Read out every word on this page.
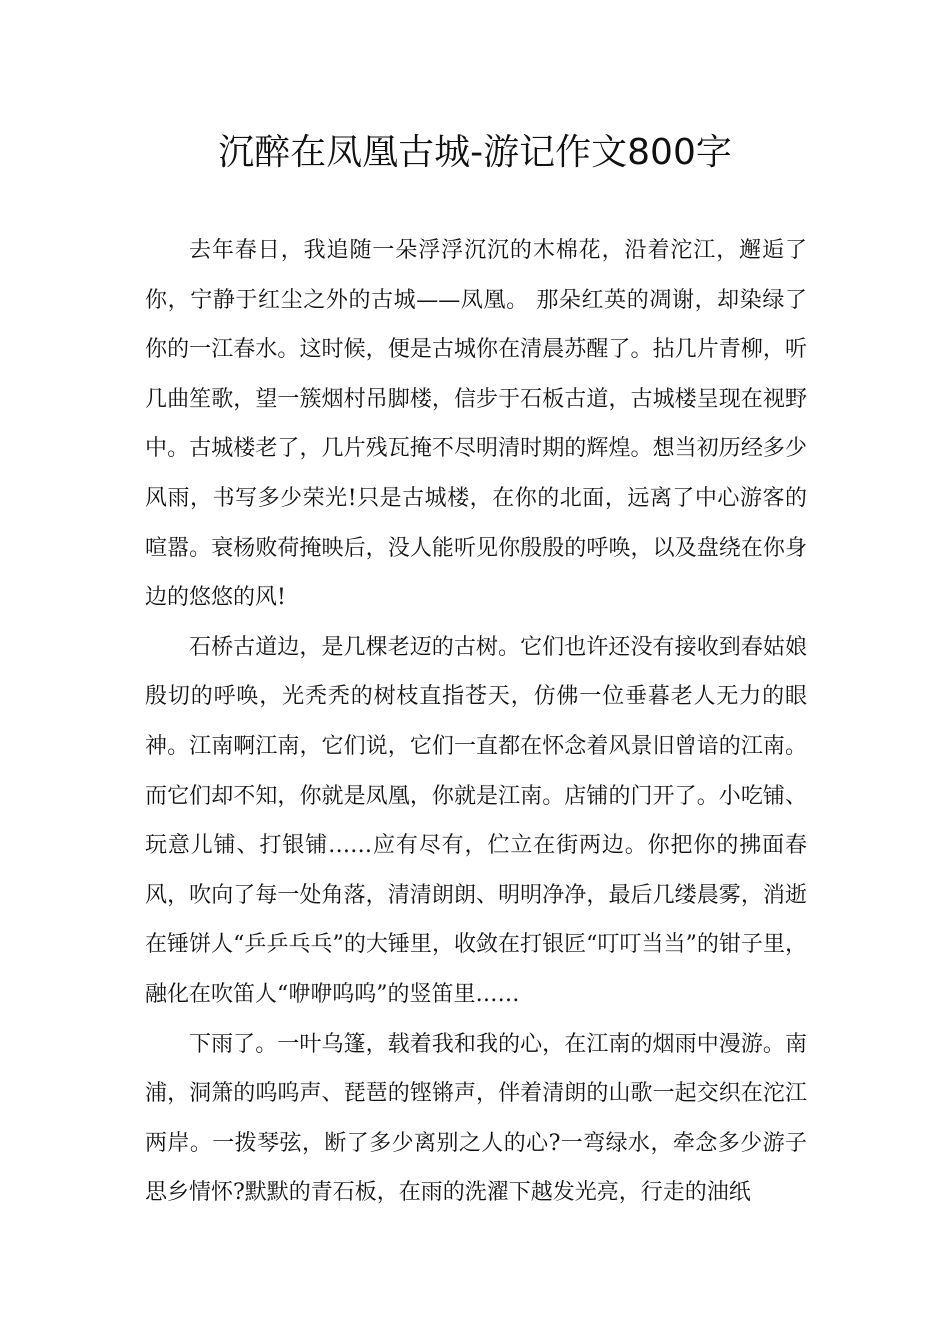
沉醉在凤凰古城-游记作文800字

去年春日，我追随一朵浮浮沉沉的木棉花，沿着沱江，邂逅了你，宁静于红尘之外的古城——凤凰。 那朵红英的凋谢，却染绿了你的一江春水。这时候，便是古城你在清晨苏醒了。拈几片青柳，听几曲笙歌，望一簇烟村吊脚楼，信步于石板古道，古城楼呈现在视野中。古城楼老了，几片残瓦掩不尽明清时期的辉煌。想当初历经多少风雨，书写多少荣光!只是古城楼，在你的北面，远离了中心游客的喧嚣。衰杨败荷掩映后，没人能听见你殷殷的呼唤，以及盘绕在你身边的悠悠的风!

石桥古道边，是几棵老迈的古树。它们也许还没有接收到春姑娘殷切的呼唤，光秃秃的树枝直指苍天，仿佛一位垂暮老人无力的眼神。江南啊江南，它们说，它们一直都在怀念着风景旧曾谙的江南。而它们却不知，你就是凤凰，你就是江南。店铺的门开了。小吃铺、玩意儿铺、打银铺……应有尽有，伫立在街两边。你把你的拂面春风，吹向了每一处角落，清清朗朗、明明净净，最后几缕晨雾，消逝在锤饼人“乒乒乓乓”的大锤里，收敛在打银匠“叮叮当当”的钳子里，融化在吹笛人“咿咿呜呜”的竖笛里……

下雨了。一叶乌篷，载着我和我的心，在江南的烟雨中漫游。南浦，洞箫的呜呜声、琵琶的铿锵声，伴着清朗的山歌一起交织在沱江两岸。一拨琴弦，断了多少离别之人的心?一弯绿水，牵念多少游子思乡情怀?默默的青石板，在雨的洗濯下越发光亮，行走的油纸
